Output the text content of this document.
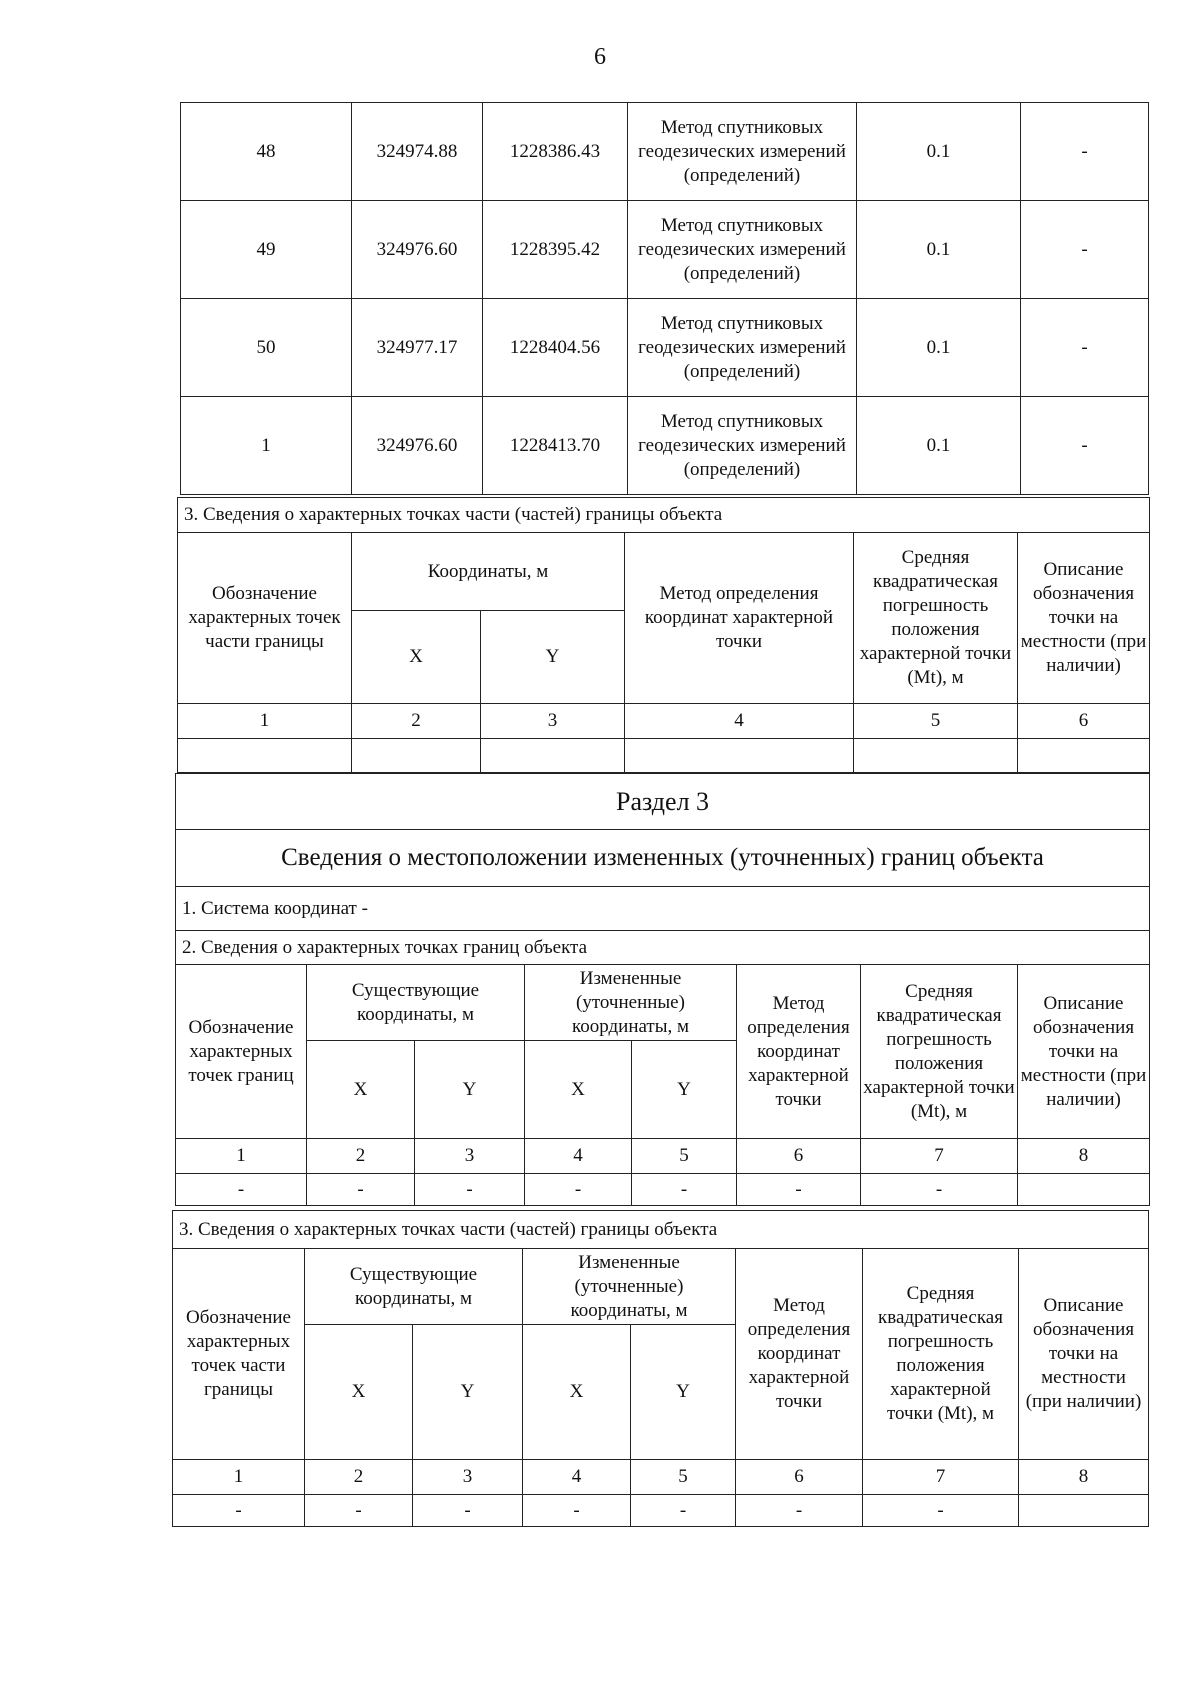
6
48	324974.88	1228386.43	Метод спутниковых геодезических измерений (определений)	0.1	-
49	324976.60	1228395.42	Метод спутниковых геодезических измерений (определений)	0.1	-
50	324977.17	1228404.56	Метод спутниковых геодезических измерений (определений)	0.1	-
1	324976.60	1228413.70	Метод спутниковых геодезических измерений (определений)	0.1	-
3. Сведения о характерных точках части (частей) границы объекта					
Обозначение характерных точек части границы	Координаты, м		Метод определения координат характерной точки	Средняя квадратическая погрешность положения характерной точки (Mt), м	Описание обозначения точки на местности (при наличии)
	X	Y			
1	2	3	4	5	6

Раздел 3							
Сведения о местоположении измененных (уточненных) границ объекта							
1. Система координат -							
2. Сведения о характерных точках границ объекта							
Обозначение характерных точек границ	Существующие координаты, м		Измененные (уточненные) координаты, м		Метод определения координат характерной точки	Средняя квадратическая погрешность положения характерной точки (Mt), м	Описание обозначения точки на местности (при наличии)
	X	Y	X	Y			
1	2	3	4	5	6	7	8
-	-	-	-	-	-	-	
3. Сведения о характерных точках части (частей) границы объекта							
Обозначение характерных точек части границы	Существующие координаты, м		Измененные (уточненные) координаты, м		Метод определения координат характерной точки	Средняя квадратическая погрешность положения характерной точки (Mt), м	Описание обозначения точки на местности (при наличии)
	X	Y	X	Y			
1	2	3	4	5	6	7	8
-	-	-	-	-	-	-	
